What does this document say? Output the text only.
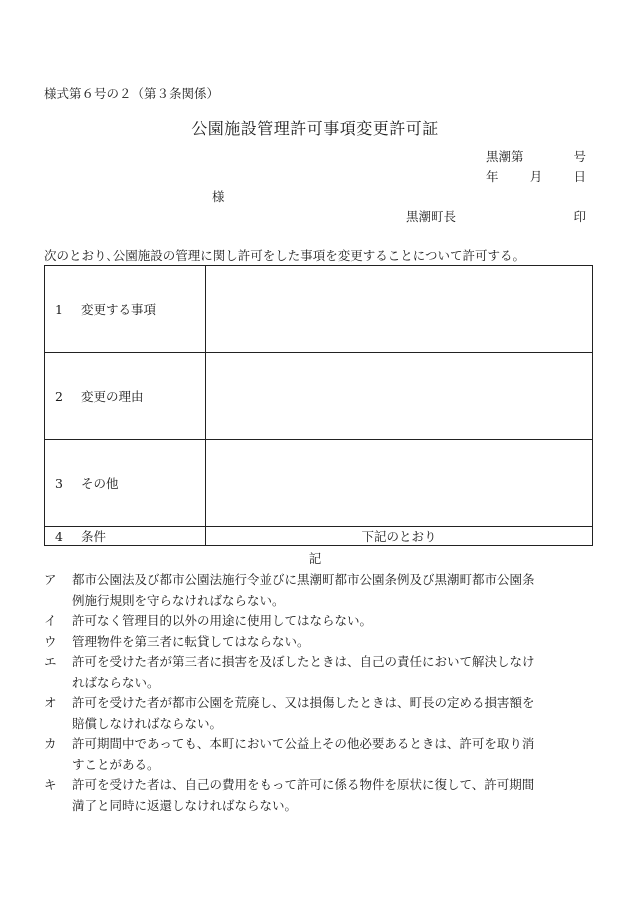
様式第６号の２（第３条関係）
公園施設管理許可事項変更許可証
黒潮第	号
年 月 日
様
黒潮町長	印
次のとおり､公園施設の管理に関し許可をした事項を変更することについて許可する。
1 変更する事項	
2 変更の理由	
3 その他	
4 条件	下記のとおり
記
ア	都市公園法及び都市公園法施行令並びに黒潮町都市公園条例及び黒潮町都市公園条
例施行規則を守らなければならない。
イ	許可なく管理目的以外の用途に使用してはならない。
ウ	管理物件を第三者に転貸してはならない。
エ	許可を受けた者が第三者に損害を及ぼしたときは、自己の責任において解決しなけ
ればならない。
オ	許可を受けた者が都市公園を荒廃し、又は損傷したときは、町長の定める損害額を
賠償しなければならない。
カ	許可期間中であっても、本町において公益上その他必要あるときは、許可を取り消
すことがある。
キ	許可を受けた者は、自己の費用をもって許可に係る物件を原状に復して、許可期間
満了と同時に返還しなければならない。
